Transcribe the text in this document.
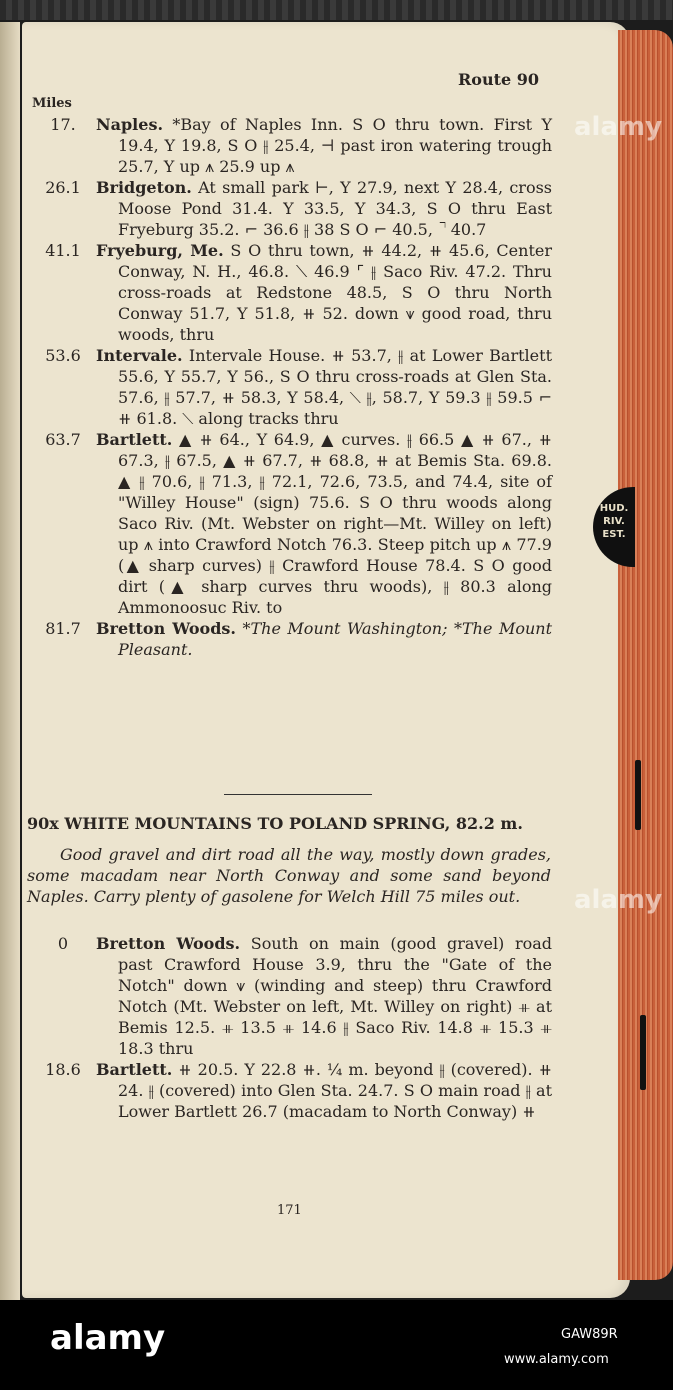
HUD.
RIV.
EST.
Route 90
Miles
17.	Naples. *Bay of Naples Inn. S O thru town. First Y 19.4, Y 19.8, S O ⫲ 25.4, ⊣ past iron watering trough 25.7, Y up ⩚ 25.9 up ⩚
26.1 Bridgeton. At small park ⊢, Y 27.9, next Y 28.4, cross Moose Pond 31.4. Y 33.5, Y 34.3, S O thru East Fryeburg 35.2. ⌐ 36.6 ⫲ 38 S O ⌐ 40.5, ⌝ 40.7
41.1 Fryeburg, Me. S O thru town, ⧺ 44.2, ⧺ 45.6, Center Conway, N. H., 46.8. ⟍ 46.9 ⌜ ⫲ Saco Riv. 47.2. Thru cross-roads at Redstone 48.5, S O thru North Conway 51.7, Y 51.8, ⧺ 52. down ⩛ good road, thru woods, thru
53.6 Intervale. Intervale House. ⧺ 53.7, ⫲ at Lower Bartlett 55.6, Y 55.7, Y 56., S O thru cross-roads at Glen Sta. 57.6, ⫲ 57.7, ⧺ 58.3, Y 58.4, ⟍ ⫲, 58.7, Y 59.3 ⫲ 59.5 ⌐ ⧺ 61.8. ⟍ along tracks thru
63.7 Bartlett. ▲ ⧺ 64., Y 64.9, ▲ curves. ⫲ 66.5 ▲ ⧺ 67., ⧺ 67.3, ⫲ 67.5, ▲ ⧺ 67.7, ⧺ 68.8, ⧺ at Bemis Sta. 69.8. ▲ ⫲ 70.6, ⫲ 71.3, ⫲ 72.1, 72.6, 73.5, and 74.4, site of "Willey House" (sign) 75.6. S O thru woods along Saco Riv. (Mt. Webster on right—Mt. Willey on left) up ⩚ into Crawford Notch 76.3. Steep pitch up ⩚ 77.9 (▲ sharp curves) ⫲ Crawford House 78.4. S O good dirt (▲ sharp curves thru woods), ⫲ 80.3 along Ammonoosuc Riv. to
81.7 Bretton Woods. *The Mount Washington; *The Mount Pleasant.
90x WHITE MOUNTAINS TO POLAND SPRING, 82.2 m.
Good gravel and dirt road all the way, mostly down grades, some macadam near North Conway and some sand beyond Naples. Carry plenty of gasolene for Welch Hill 75 miles out.
0	Bretton Woods. South on main (good gravel) road past Crawford House 3.9, thru the "Gate of the Notch" down ⩛ (winding and steep) thru Crawford Notch (Mt. Webster on left, Mt. Willey on right) ⧺ at Bemis 12.5. ⧺ 13.5 ⧺ 14.6 ⫲ Saco Riv. 14.8 ⧺ 15.3 ⧺ 18.3 thru
18.6 Bartlett. ⧺ 20.5. Y 22.8 ⧺. ¼ m. beyond ⫲ (covered). ⧺ 24. ⫲ (covered) into Glen Sta. 24.7. S O main road ⫲ at Lower Bartlett 26.7 (macadam to North Conway) ⧺
171
alamy
alamy
alamy	GAW89R
www.alamy.com
